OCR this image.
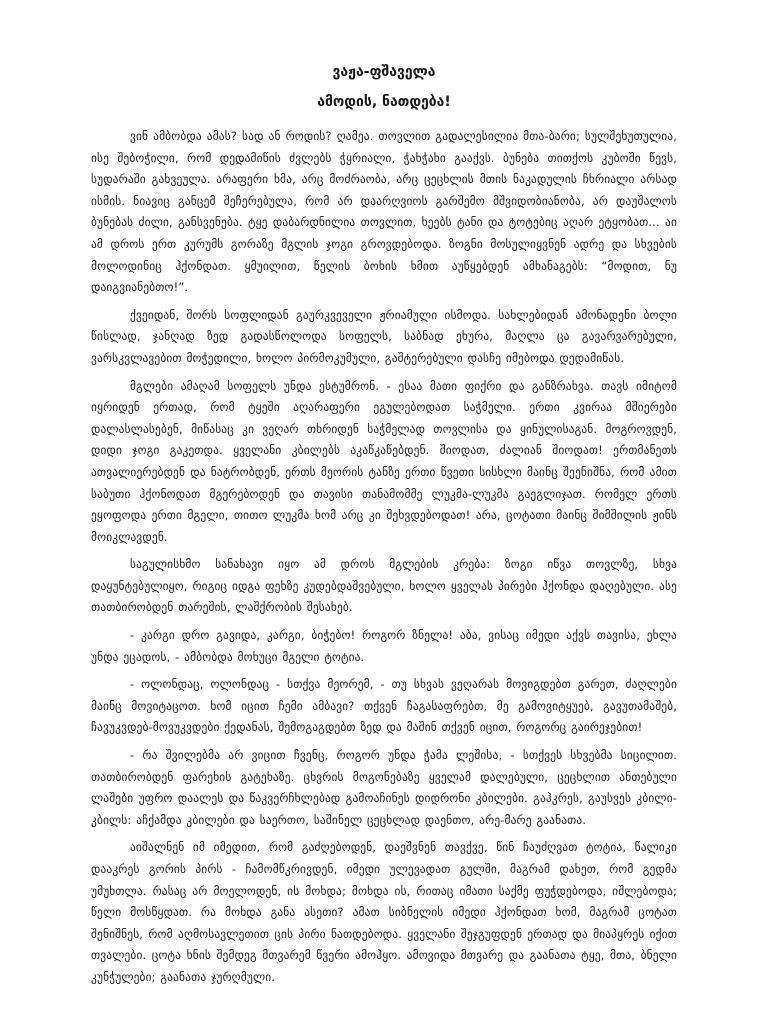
ვაჟა-ფშაველა
ამოდის, ნათდება!

ვინ ამბობდა ამას? სად ან როდის? ღამეა. თოვლით გადალესილია მთა-ბარი; სულშეხუთულია, ისე შებოჭილი, რომ დედამიწის ძვლებს ჭყრიალი, ჭახჭახი გააქვს. ბუნება თითქოს კუბოში წევს, სუდარაში გახვეულა. არაფერი ხმა, არც მოძრაობა, არც ცეცხლის მთის ნაკადულის ჩხრიალი არსად ისმის. ნიავიც განცემ შეჩერებულა, რომ არ დაარღვიოს გარშემო მშვიდობიანობა, არ დაუშალოს ბუნებას ძილი, განსვენება. ტყე დაბარდნილია თოვლით, ხეებს ტანი და ტოტებიც აღარ ეტყობათ... აი ამ დროს ერთ კურუმს გორაზე მგლის ჯოგი გროვდებოდა. ზოგნი მოსულიყვნენ ადრე და სხვების მოლოდინიც ჰქონდათ. ყმუილით, წელის ბოხის ხმით აუწყებდენ ამხანაგებს: “მოდით, ნუ დაიგვიანებთო!”.

ქვეიდან, შორს სოფლიდან გაურკვეველი ჟრიამული ისმოდა. სახლებიდან ამონადენი ბოლი წისლად, ჯანღად ზედ გადასწოლოდა სოფელს, საბნად ეხურა, მაღლა ცა გავარვარებული, ვარსკვლავებით მოჭედილი, ხოლო პირმოკუმული, გაშტერებული დასჩე იმებოდა დედამიწას.

მგლები ამაღამ სოფელს უნდა ესტუმრონ. - ესაა მათი ფიქრი და განზრახვა. თავს იმიტომ იყრიდენ ერთად, რომ ტყეში აღარაფერი ეგულებოდათ საჭმელი. ერთი კვირაა მშიერები დალასლასებენ, მიწასაც კი ვეღარ თხრიდენ საჭმელად თოვლისა და ყინულისაგან. მოგროვდენ, დიდი ჯოგი გაკეთდა. ყველანი კბილებს აკაწკაწებდენ. შიოდათ, ძალიან შიოდათ! ერთმანეთს ათვალიერებდენ და ნატრობდენ, ერთს მეორის ტანზე ერთი წვეთი სისხლი მაინც შეენიშნა, რომ ამით საბუთი ჰქონოდათ მგერებოდენ და თავისი თანამომმე ლუკმა-ლუკმა გაეგლიჯათ. რომელ ერთს ეყოფოდა ერთი მგელი, თითო ლუკმა ხომ არც კი შეხვდებოდათ! არა, ცოტათი მაინც შიმშილის ჟინს მოიკლავდენ.

საგულისხმო სანახავი იყო ამ დროს მგლების კრება: ზოგი იწვა თოვლზე, სხვა დაყუნტებულიყო, რიგიც იდგა ფეხზე კუდებდაშვებული, ხოლო ყველას პირები ჰქონდა დაღებული. ასე თათბირობდენ თარეშის, ლაშქრობის შესახებ.

- კარგი დრო გავიდა, კარგი, ბიჭებო! როგორ ზნელა! აბა, ვისაც იმედი აქვს თავისა, ეხლა უნდა ეცადოს, - ამბობდა მოხუცი მგელი ტოტია.

- ოლონდაც, ოლონდაც - სთქვა მეორემ, - თუ სხვას ვეღარას მოვიგდებთ გარეთ, ძაღლები მაინც მოვიტაცოთ. ხომ იცით ჩემი ამბავი? თქვენ ჩაგასაფრებთ, მე გამოვიტყუებ, გავუთამაშებ, ჩავუკვდებ-მოვუკვდები ქედანას, შემოგაგდებთ ზედ და მაშინ თქვენ იცით, როგორც გაირეჯებით!

- რა შვილებმა არ ვიცით ჩვენც, როგორ უნდა ჭამა ლეშისა, - სთქვეს სხვებმა სიცილით. თათბირობდენ ფარეხის გატეხაზე. ცხვრის მოგონებაზე ყველამ დალებული, ცეცხლით ანთებული ლაშები უფრო დაალეს და წაკვერჩხლებად გამოაჩინეს დიდრონი კბილები. გაჰკრეს, გაუსვეს კბილი-კბილს: აჩქამდა კბილები და საერთო, საშინელ ცეცხლად დაენთო, არე-მარე გაანათა.

აიშალნენ იმ იმედით, რომ გაძღებოდენ, დაეშვნენ თავქვე, წინ ჩაუძღვათ ტოტია, წალიკი დააკრეს გორის პირს - ჩამომწკრივდენ, იმედი ულევადათ გულში, მაგრამ დახეთ, რომ გედმა უმუხთლა. რასაც არ მოელოდენ, ის მოხდა; მოხდა ის, რითაც იმათი საქმე ფუჭდებოდა, იშლებოდა; წელი მოსწყდათ. რა მოხდა განა ასეთი? ამათ სიბნელის იმედი ჰქონდათ ხომ, მაგრამ ცოტათ შენიშნეს, რომ აღმოსავლეთით ცის პირი ნათდებოდა. ყველანი შეჯგუფდენ ერთად და მიაპყრეს იქით თვალები. ცოტა ხნის შემდეგ მთვარემ წვერი ამოჰყო. ამოვიდა მთვარე და გაანათა ტყე, მთა, ბნელი კუნჭულები; გაანათა ჯურღმული.
